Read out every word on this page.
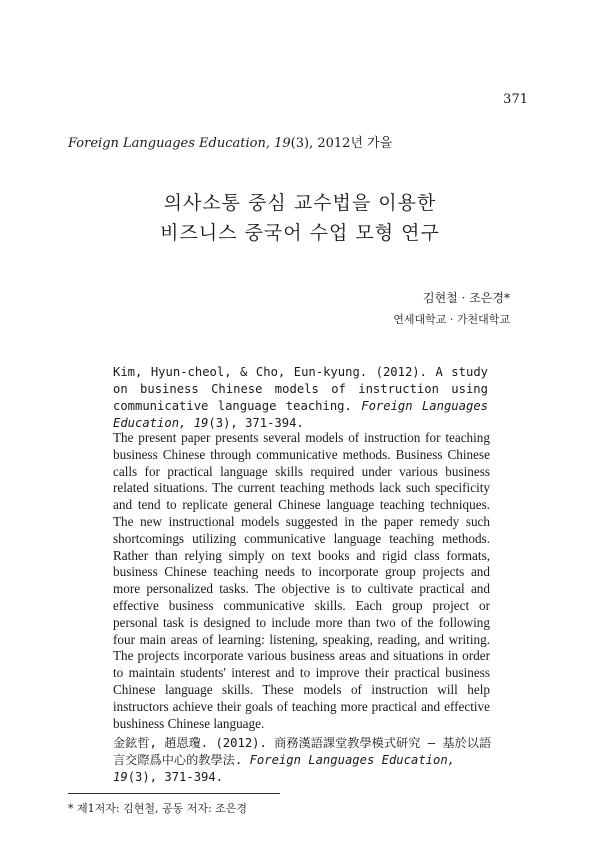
371
Foreign Languages Education, 19(3), 2012년 가을
의사소통 중심 교수법을 이용한
비즈니스 중국어 수업 모형 연구
김현철 · 조은경*
연세대학교 · 가천대학교
Kim, Hyun-cheol, & Cho, Eun-kyung. (2012). A study on business Chinese models of instruction using communicative language teaching. Foreign Languages Education, 19(3), 371-394.
The present paper presents several models of instruction for teaching business Chinese through communicative methods. Business Chinese calls for practical language skills required under various business related situations. The current teaching methods lack such specificity and tend to replicate general Chinese language teaching techniques. The new instructional models suggested in the paper remedy such shortcomings utilizing communicative language teaching methods. Rather than relying simply on text books and rigid class formats, business Chinese teaching needs to incorporate group projects and more personalized tasks. The objective is to cultivate practical and effective business communicative skills. Each group project or personal task is designed to include more than two of the following four main areas of learning: listening, speaking, reading, and writing. The projects incorporate various business areas and situations in order to maintain students' interest and to improve their practical business Chinese language skills. These models of instruction will help instructors achieve their goals of teaching more practical and effective bushiness Chinese language.
金鉉哲, 趙恩瓊. (2012). 商務漢語課堂教學模式研究 — 基於以語言交際爲中心的教學法. Foreign Languages Education, 19(3), 371-394.
* 제1저자: 김현철, 공동 저자: 조은경
